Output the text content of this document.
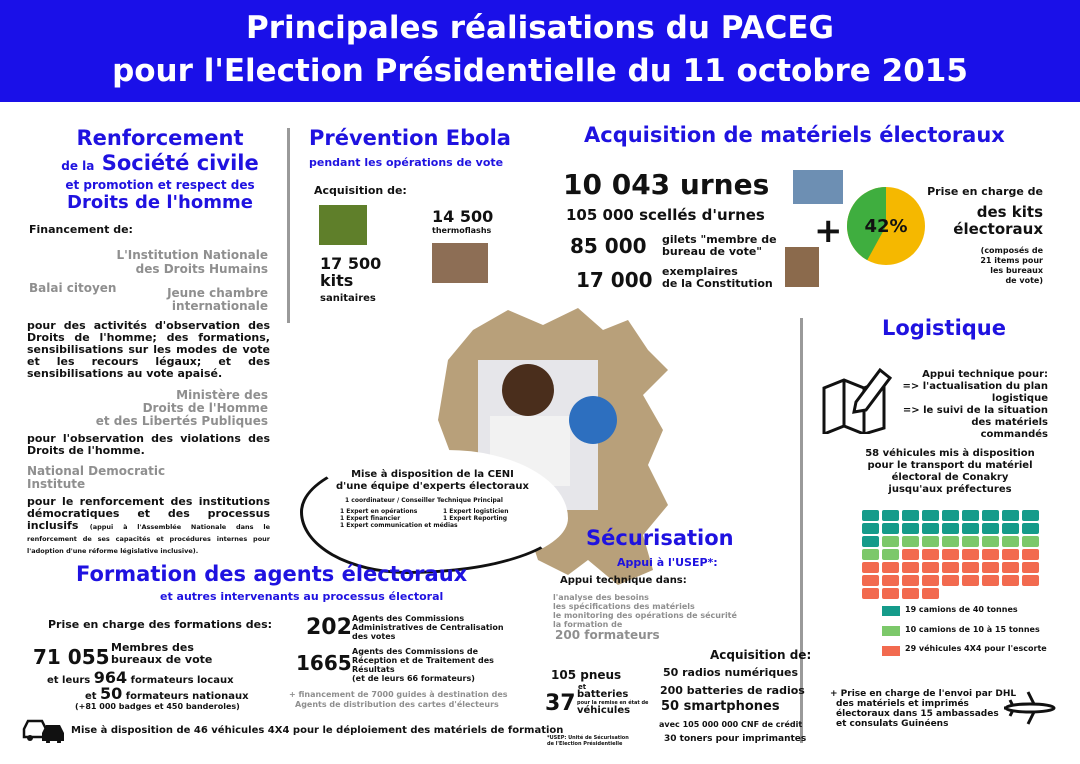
Principales réalisations du PACEG
pour l'Election Présidentielle du 11 octobre 2015
Renforcement
de la Société civile
et promotion et respect des
Droits de l'homme
Financement de:
L'Institution Nationale
des Droits Humains
Balai citoyen	Jeune chambre
internationale
pour des activités d'observation des Droits de l'homme; des formations, sensibilisations sur les modes de vote et les recours légaux; et des sensibilisations au vote apaisé.
Ministère des
Droits de l'Homme
et des Libertés Publiques
pour l'observation des violations des Droits de l'homme.
National Democratic
Institute
pour le renforcement des institutions démocratiques et des processus inclusifs (appui à l'Assemblée Nationale dans le renforcement de ses capacités et procédures internes pour l'adoption d'une réforme législative inclusive).
Prévention Ebola
pendant les opérations de vote
Acquisition de:
14 500
thermoflashs
17 500
kits
sanitaires
Mise à disposition de la CENI
d'une équipe d'experts électoraux
1 coordinateur / Conseiller Technique Principal
1 Expert en opérations
1 Expert financier
1 Expert communication et médias
1 Expert logisticien
1 Expert Reporting
Acquisition de matériels électoraux
10 043 urnes
105 000 scellés d'urnes
85 000 gilets "membre de
bureau de vote"
17 000 exemplaires
de la Constitution
+ 42%
Prise en charge de
des kits
électoraux
(composés de
21 items pour
les bureaux
de vote)
Logistique
Appui technique pour:
=> l'actualisation du plan
logistique
=> le suivi de la situation
des matériels
commandés
58 véhicules mis à disposition
pour le transport du matériel
électoral de Conakry
jusqu'aux préfectures
19 camions de 40 tonnes
10 camions de 10 à 15 tonnes
29 véhicules 4X4 pour l'escorte
+ Prise en charge de l'envoi par DHL
des matériels et imprimés
électoraux dans 15 ambassades
et consulats Guinéens
Sécurisation
Appui à l'USEP*:
Appui technique dans:
l'analyse des besoins
les spécifications des matériels
le monitoring des opérations de sécurité
la formation de
200 formateurs
Acquisition de:
105 pneus
et
37 batteries
pour la remise en état de
véhicules
50 radios numériques
200 batteries de radios
50 smartphones
avec 105 000 000 CNF de crédit
30 toners pour imprimantes
*USEP: Unité de Sécurisation
de l'Election Présidentielle
Formation des agents électoraux
et autres intervenants au processus électoral
Prise en charge des formations des:
71 055 Membres des
bureaux de vote
et leurs 964 formateurs locaux
et 50 formateurs nationaux
(+81 000 badges et 450 banderoles)
202 Agents des Commissions
Administratives de Centralisation
des votes
1665 Agents des Commissions de
Réception et de Traitement des
Résultats
(et de leurs 66 formateurs)
+ financement de 7000 guides à destination des
Agents de distribution des cartes d'électeurs
Mise à disposition de 46 véhicules 4X4 pour le déploiement des matériels de formation
